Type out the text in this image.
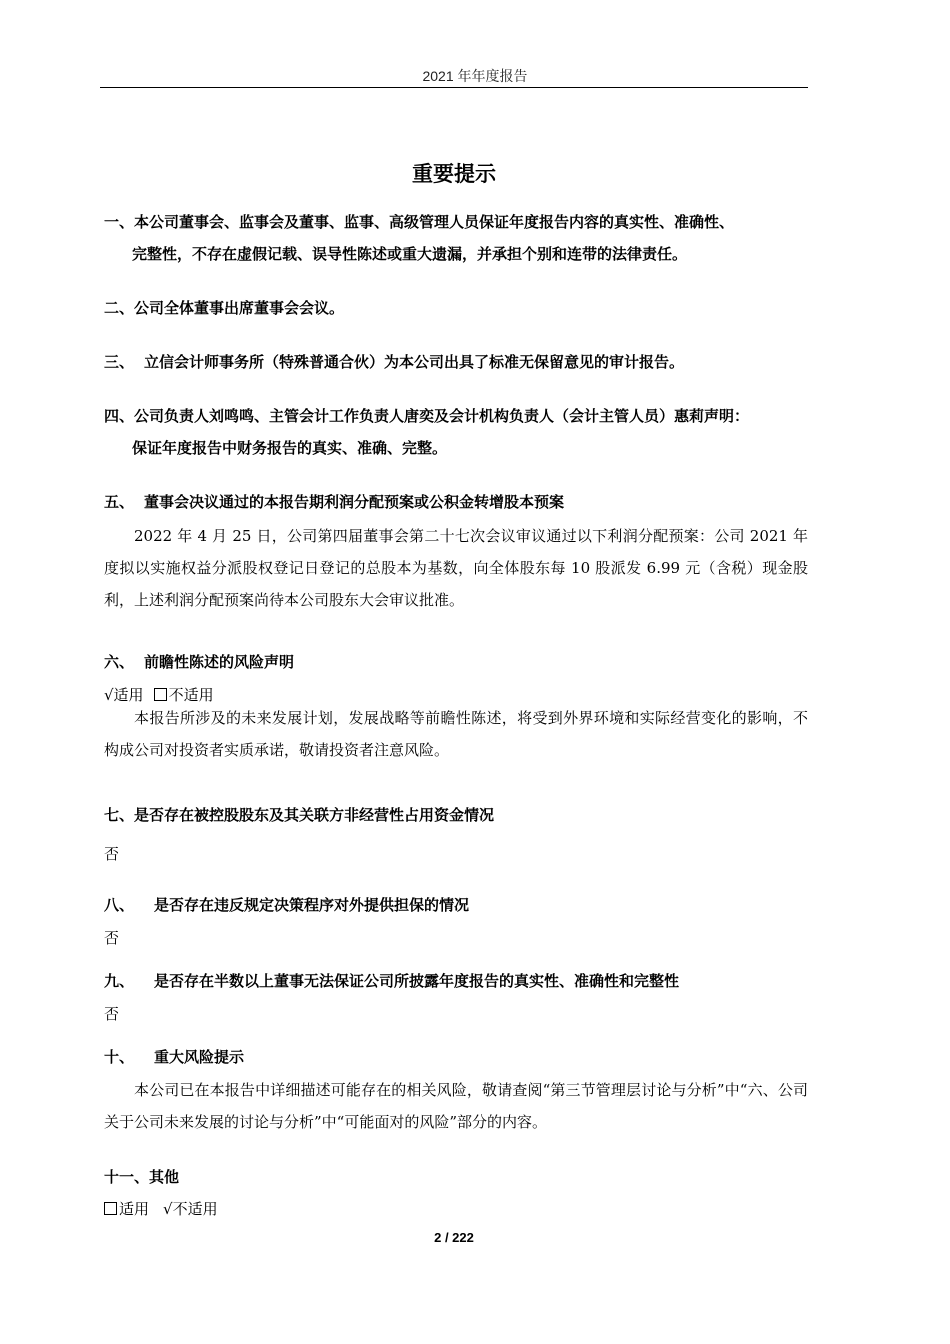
2021 年年度报告
重要提示
一、本公司董事会、监事会及董事、监事、高级管理人员保证年度报告内容的真实性、准确性、
完整性，不存在虚假记载、误导性陈述或重大遗漏，并承担个别和连带的法律责任。
二、公司全体董事出席董事会会议。
三、 立信会计师事务所（特殊普通合伙）为本公司出具了标准无保留意见的审计报告。
四、公司负责人刘鸣鸣、主管会计工作负责人唐奕及会计机构负责人（会计主管人员）惠莉声明：
保证年度报告中财务报告的真实、准确、完整。
五、 董事会决议通过的本报告期利润分配预案或公积金转增股本预案
2022 年 4 月 25 日，公司第四届董事会第二十七次会议审议通过以下利润分配预案：公司 2021 年度拟以实施权益分派股权登记日登记的总股本为基数，向全体股东每 10 股派发 6.99 元（含税）现金股利，上述利润分配预案尚待本公司股东大会审议批准。
六、 前瞻性陈述的风险声明
√适用 不适用
本报告所涉及的未来发展计划，发展战略等前瞻性陈述，将受到外界环境和实际经营变化的影响，不构成公司对投资者实质承诺，敬请投资者注意风险。
七、是否存在被控股股东及其关联方非经营性占用资金情况
否
八、 是否存在违反规定决策程序对外提供担保的情况
否
九、 是否存在半数以上董事无法保证公司所披露年度报告的真实性、准确性和完整性
否
十、 重大风险提示
本公司已在本报告中详细描述可能存在的相关风险，敬请查阅“第三节管理层讨论与分析”中“六、公司关于公司未来发展的讨论与分析”中“可能面对的风险”部分的内容。
十一、其他
适用 √不适用
2 / 222
